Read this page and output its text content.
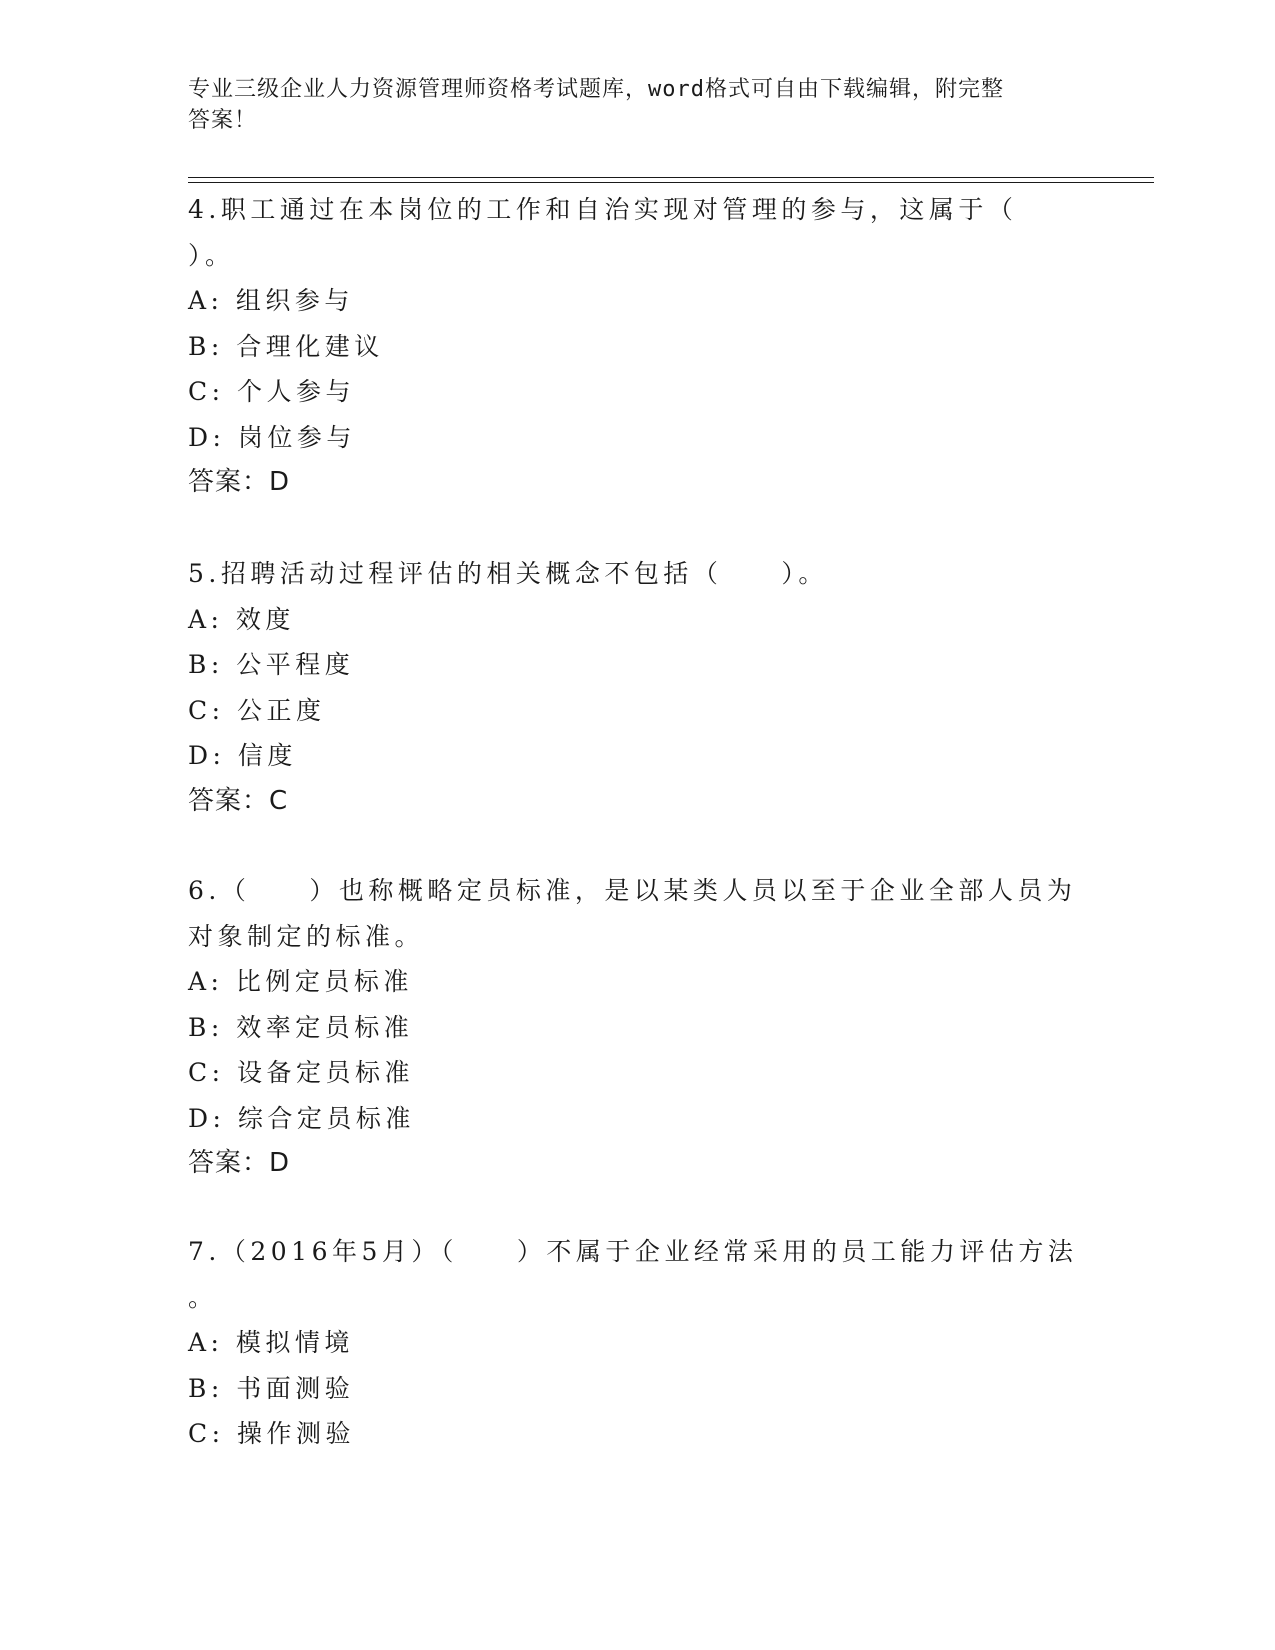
专业三级企业人力资源管理师资格考试题库，word格式可自由下载编辑，附完整
答案！
4.职工通过在本岗位的工作和自治实现对管理的参与，这属于（
）。
A: 组织参与
B: 合理化建议
C: 个人参与
D: 岗位参与
答案：D
5.招聘活动过程评估的相关概念不包括（　　）。
A: 效度
B: 公平程度
C: 公正度
D: 信度
答案：C
6.（　　）也称概略定员标准，是以某类人员以至于企业全部人员为
对象制定的标准。
A: 比例定员标准
B: 效率定员标准
C: 设备定员标准
D: 综合定员标准
答案：D
7.（2016年5月）（　　）不属于企业经常采用的员工能力评估方法
。
A: 模拟情境
B: 书面测验
C: 操作测验
